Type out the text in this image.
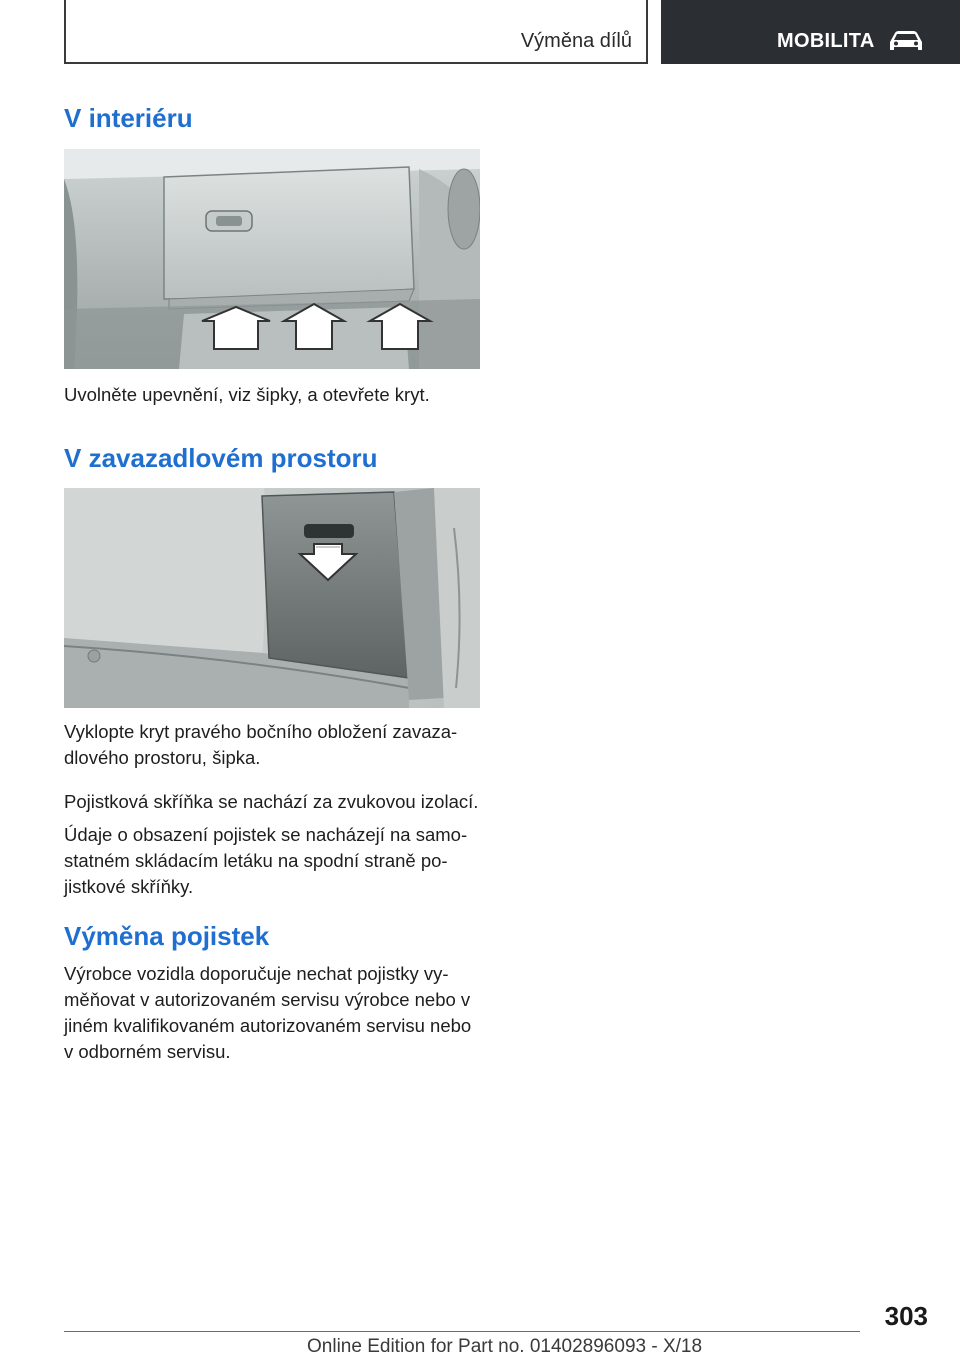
Výměna dílů	MOBILITA
V interiéru

Uvolněte upevnění, viz šipky, a otevřete kryt.

V zavazadlovém prostoru

Vyklopte kryt pravého bočního obložení zavaza-

dlového prostoru, šipka.

Pojistková skříňka se nachází za zvukovou izolací.

Údaje o obsazení pojistek se nacházejí na samo-

statném skládacím letáku na spodní straně po-

jistkové skříňky.

Výměna pojistek

Výrobce vozidla doporučuje nechat pojistky vy-

měňovat v autorizovaném servisu výrobce nebo v

jiném kvalifikovaném autorizovaném servisu nebo

v odborném servisu.

303
Online Edition for Part no. 01402896093 - X/18
